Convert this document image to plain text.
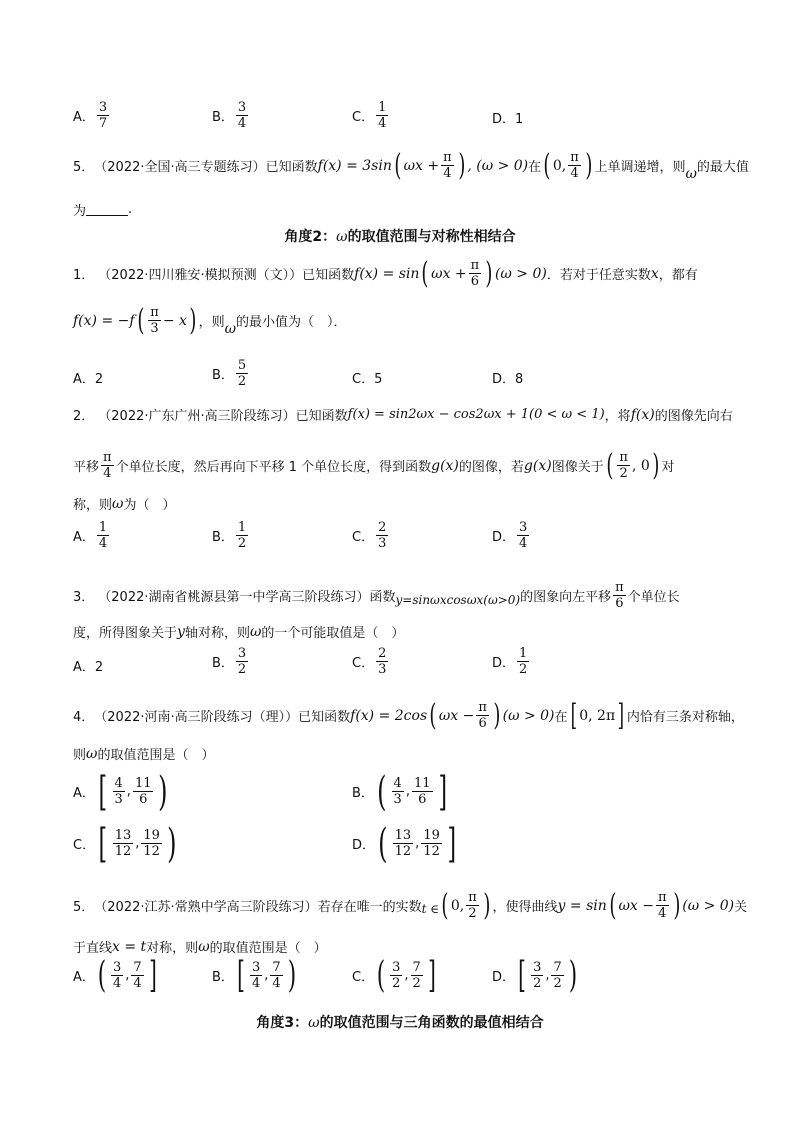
A． $\frac{3}{7}$	B． $\frac{3}{4}$	C． $\frac{1}{4}$	D．1
5． （2022·全国·高三专题练习）已知函数 f(x) = 3sin ( $\omega x + \frac{\pi}{4}$ ) , (ω > 0) 在 ( 0, $\frac{\pi}{4}$ ) 上单调递增，则 ω 的最大值
为	.
角度2：ω的取值范围与对称性相结合
1． （2022·四川雅安·模拟预测（文））已知函数 f(x) = sin ( $\omega x + \frac{\pi}{6}$ ) (ω > 0) ．若对于任意实数 x ，都有
f(x) = −f ( $\frac{\pi}{3} - x$ ) ，则 ω 的最小值为（　）．
A．2	B． $\frac{5}{2}$	C．5	D．8
2． （2022·广东广州·高三阶段练习）已知函数 f(x) = sin2ωx − cos2ωx + 1(0 < ω < 1) ，将 f(x) 的图像先向右
平移 $\frac{\pi}{4}$ 个单位长度，然后再向下平移 1 个单位长度，得到函数 g(x) 的图像，若 g(x) 图像关于 ( $\frac{\pi}{2}$ , 0 ) 对
称，则 ω 为（　）
A． $\frac{1}{4}$	B． $\frac{1}{2}$	C． $\frac{2}{3}$	D． $\frac{3}{4}$
3． （2022·湖南省桃源县第一中学高三阶段练习）函数 y=sinωxcosωx(ω>0) 的图象向左平移 $\frac{\pi}{6}$ 个单位长
度，所得图象关于 y 轴对称，则 ω 的一个可能取值是（　）
A．2	B． $\frac{3}{2}$	C． $\frac{2}{3}$	D． $\frac{1}{2}$
4． （2022·河南·高三阶段练习（理））已知函数 f(x) = 2cos ( $\omega x - \frac{\pi}{6}$ ) (ω > 0) 在 [ 0, 2π ] 内恰有三条对称轴，
则 ω 的取值范围是（　）
A． [ $\frac{4}{3}$ , $\frac{11}{6}$ )	B． ( $\frac{4}{3}$ , $\frac{11}{6}$ ]
C． [ $\frac{13}{12}$ , $\frac{19}{12}$ )	D． ( $\frac{13}{12}$ , $\frac{19}{12}$ ]
5． （2022·江苏·常熟中学高三阶段练习）若存在唯一的实数 t ∈ ( 0, $\frac{\pi}{2}$ ) ，使得曲线 y = sin ( $\omega x - \frac{\pi}{4}$ ) (ω > 0) 关
于直线 x = t 对称，则 ω 的取值范围是（　）
A． ( $\frac{3}{4}$ , $\frac{7}{4}$ ]	B． [ $\frac{3}{4}$ , $\frac{7}{4}$ )	C． ( $\frac{3}{2}$ , $\frac{7}{2}$ ]	D． [ $\frac{3}{2}$ , $\frac{7}{2}$ )
角度3：ω的取值范围与三角函数的最值相结合
